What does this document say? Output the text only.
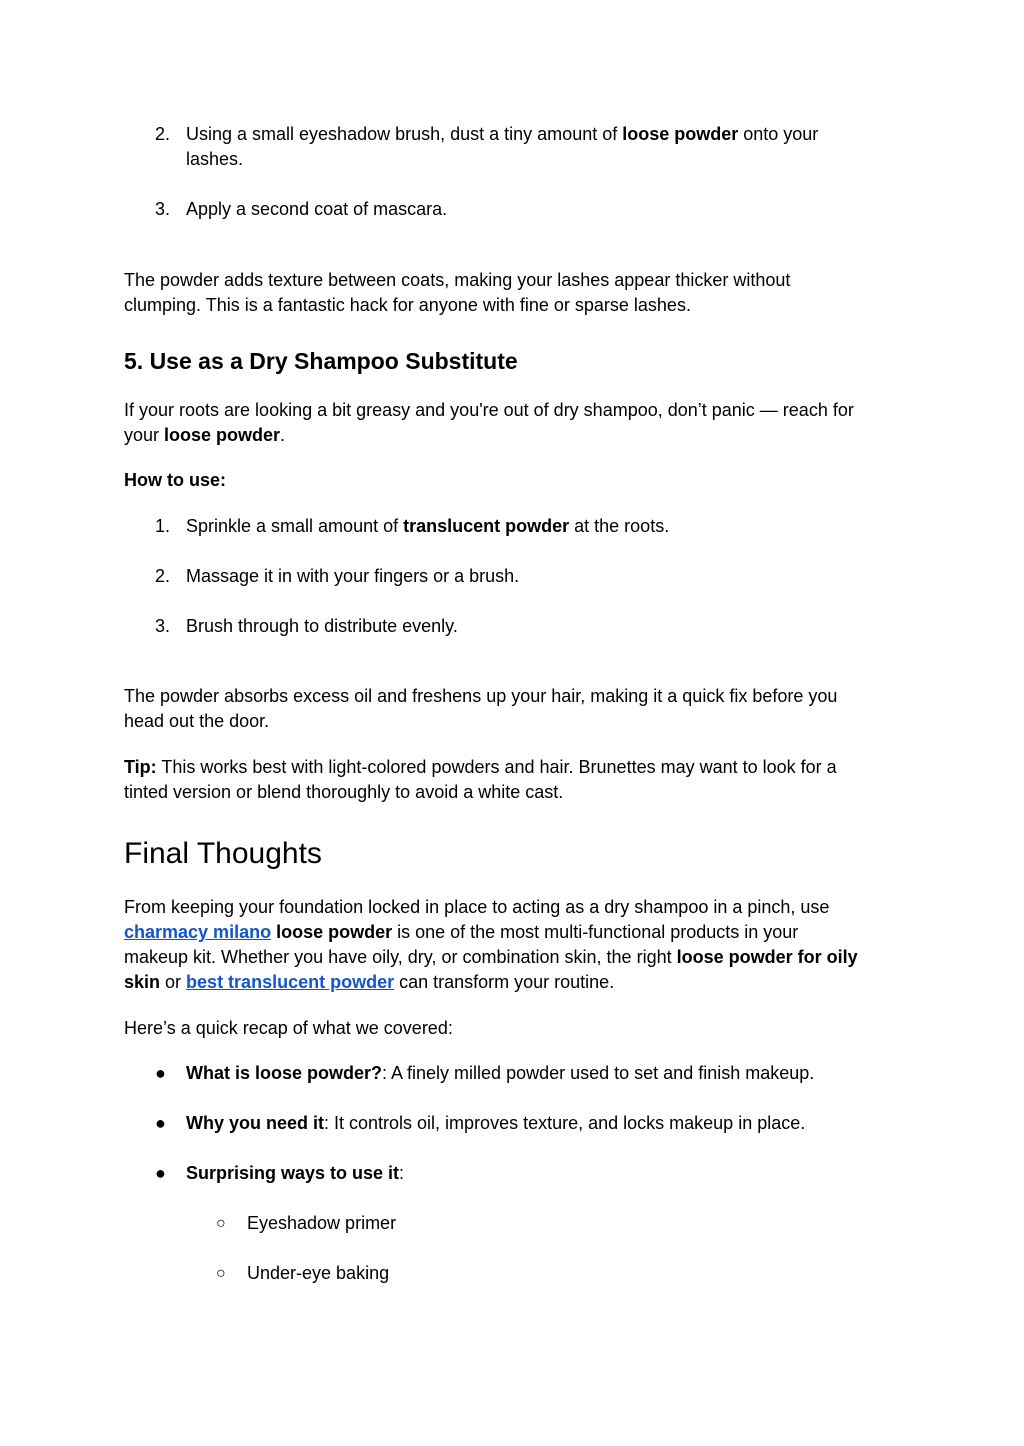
2. Using a small eyeshadow brush, dust a tiny amount of loose powder onto your
lashes.
3. Apply a second coat of mascara.

The powder adds texture between coats, making your lashes appear thicker without
clumping. This is a fantastic hack for anyone with fine or sparse lashes.

5. Use as a Dry Shampoo Substitute

If your roots are looking a bit greasy and you're out of dry shampoo, don’t panic — reach for
your loose powder.

How to use:

1. Sprinkle a small amount of translucent powder at the roots.
2. Massage it in with your fingers or a brush.
3. Brush through to distribute evenly.

The powder absorbs excess oil and freshens up your hair, making it a quick fix before you
head out the door.

Tip: This works best with light-colored powders and hair. Brunettes may want to look for a
tinted version or blend thoroughly to avoid a white cast.

Final Thoughts

From keeping your foundation locked in place to acting as a dry shampoo in a pinch, use
charmacy milano loose powder is one of the most multi-functional products in your
makeup kit. Whether you have oily, dry, or combination skin, the right loose powder for oily
skin or best translucent powder can transform your routine.

Here’s a quick recap of what we covered:

●	What is loose powder?: A finely milled powder used to set and finish makeup.
●	Why you need it: It controls oil, improves texture, and locks makeup in place.
●	Surprising ways to use it:
○	Eyeshadow primer
○	Under-eye baking
